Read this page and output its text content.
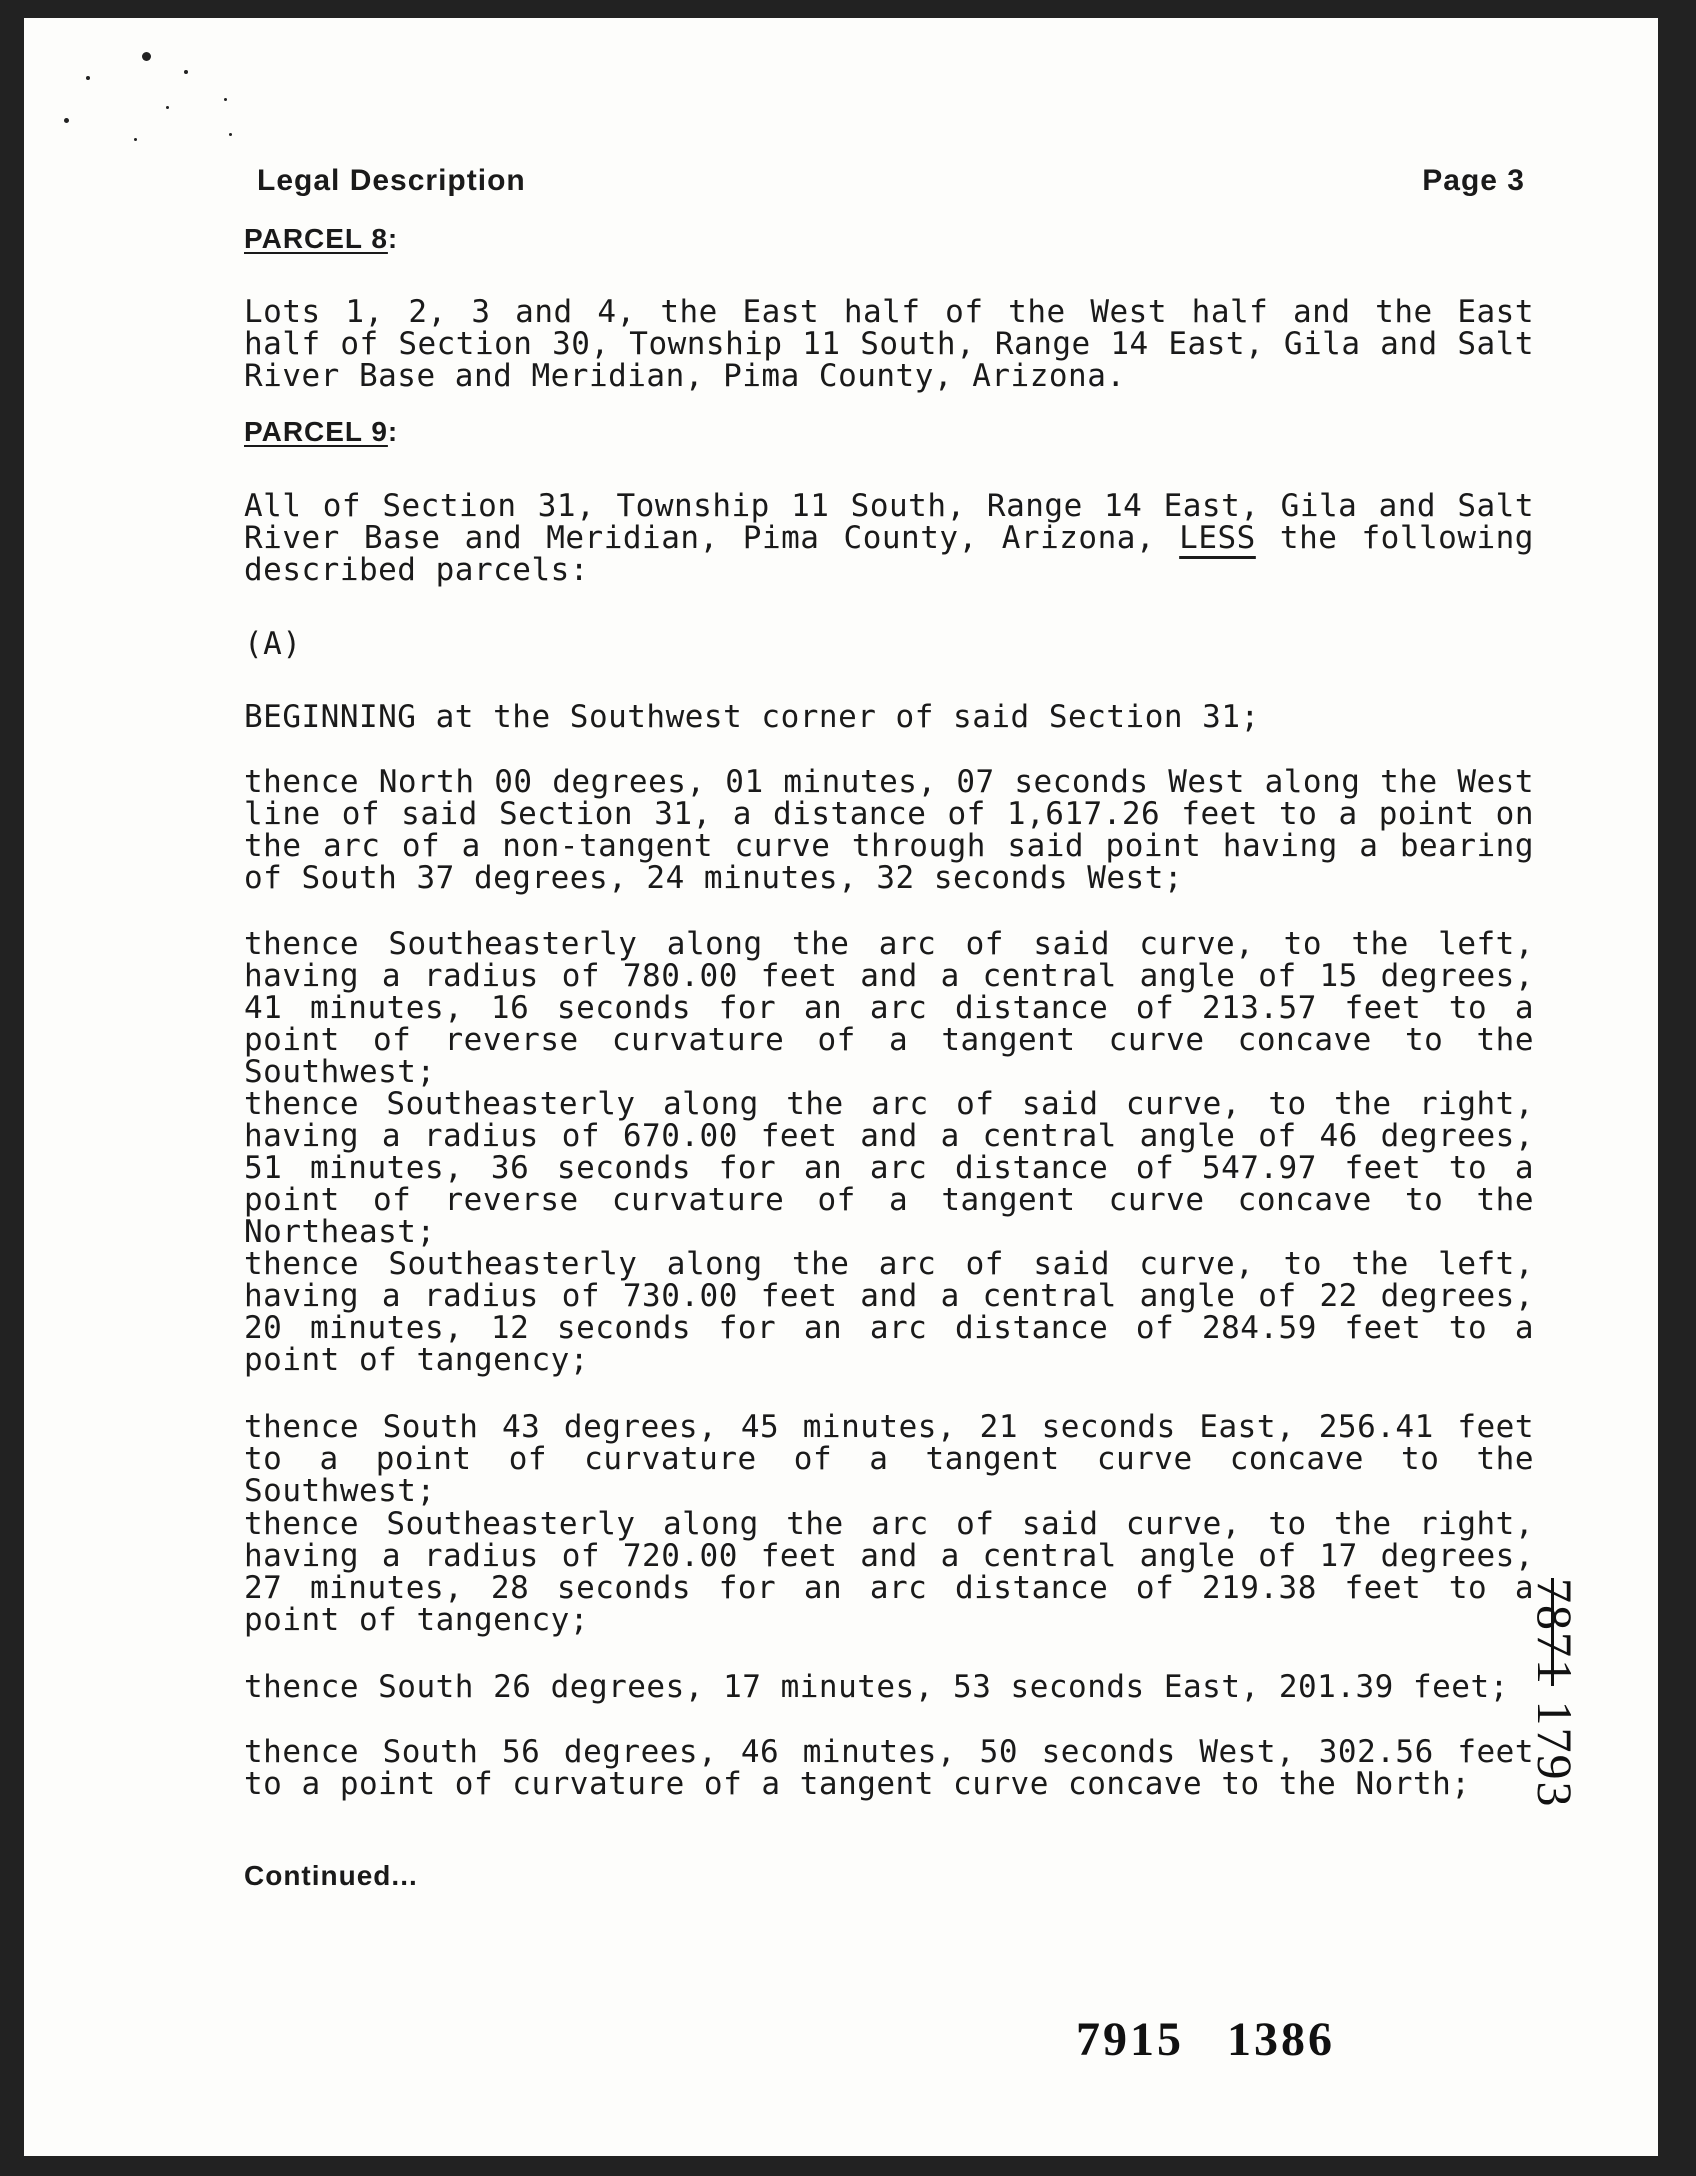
Legal Description	Page 3
PARCEL 8:
Lots 1, 2, 3 and 4, the East half of the West half and the East half of Section 30, Township 11 South, Range 14 East, Gila and Salt River Base and Meridian, Pima County, Arizona.
PARCEL 9:
All of Section 31, Township 11 South, Range 14 East, Gila and Salt River Base and Meridian, Pima County, Arizona, LESS the following described parcels:
(A)
BEGINNING at the Southwest corner of said Section 31;
thence North 00 degrees, 01 minutes, 07 seconds West along the West line of said Section 31, a distance of 1,617.26 feet to a point on the arc of a non-tangent curve through said point having a bearing of South 37 degrees, 24 minutes, 32 seconds West;
thence Southeasterly along the arc of said curve, to the left, having a radius of 780.00 feet and a central angle of 15 degrees, 41 minutes, 16 seconds for an arc distance of 213.57 feet to a point of reverse curvature of a tangent curve concave to the Southwest;
thence Southeasterly along the arc of said curve, to the right, having a radius of 670.00 feet and a central angle of 46 degrees, 51 minutes, 36 seconds for an arc distance of 547.97 feet to a point of reverse curvature of a tangent curve concave to the Northeast;
thence Southeasterly along the arc of said curve, to the left, having a radius of 730.00 feet and a central angle of 22 degrees, 20 minutes, 12 seconds for an arc distance of 284.59 feet to a point of tangency;
thence South 43 degrees, 45 minutes, 21 seconds East, 256.41 feet to a point of curvature of a tangent curve concave to the Southwest;
thence Southeasterly along the arc of said curve, to the right, having a radius of 720.00 feet and a central angle of 17 degrees, 27 minutes, 28 seconds for an arc distance of 219.38 feet to a point of tangency;
thence South 26 degrees, 17 minutes, 53 seconds East, 201.39 feet;
thence South 56 degrees, 46 minutes, 50 seconds West, 302.56 feet to a point of curvature of a tangent curve concave to the North;
Continued...
7871 1793
7915 1386
